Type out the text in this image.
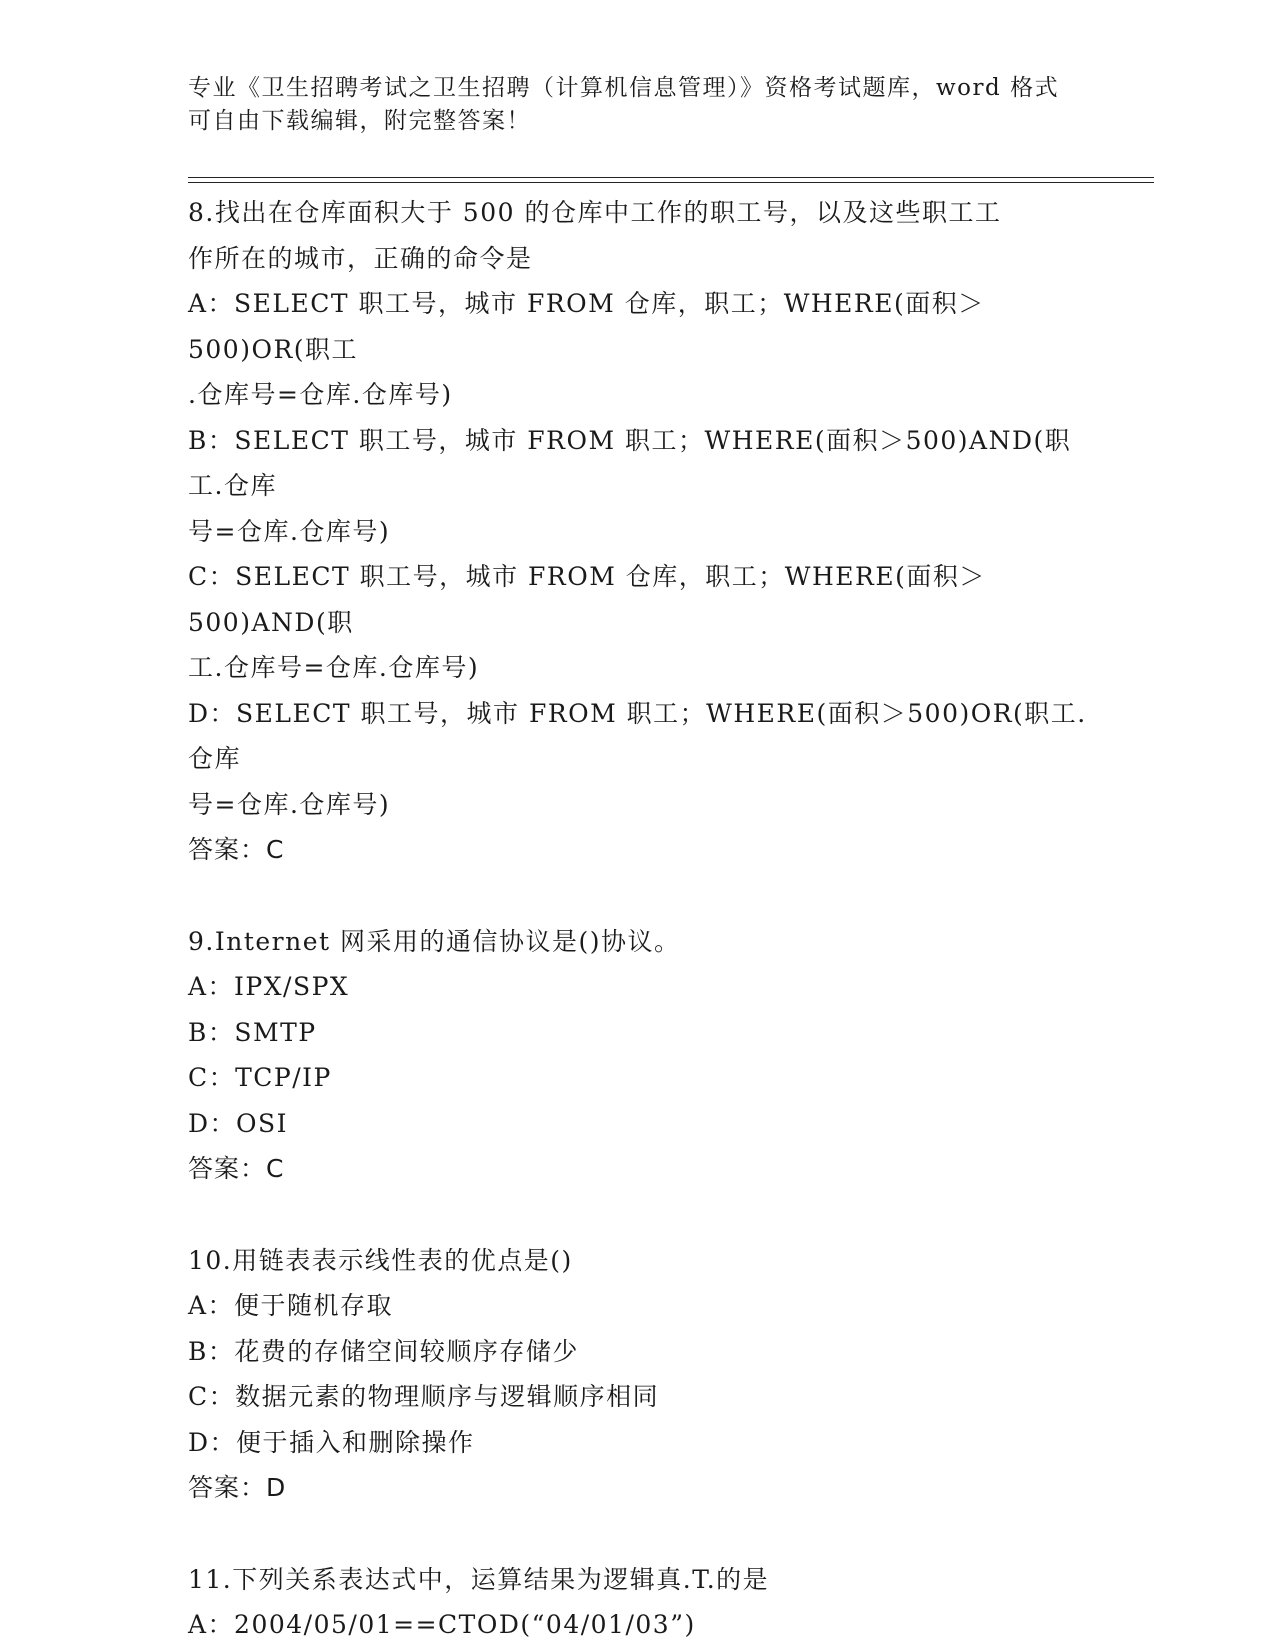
专业《卫生招聘考试之卫生招聘（计算机信息管理）》资格考试题库，word 格式
可自由下载编辑，附完整答案！
8.找出在仓库面积大于 500 的仓库中工作的职工号，以及这些职工工
作所在的城市，正确的命令是
A：SELECT 职工号，城市 FROM 仓库，职工；WHERE(面积＞500)OR(职工
.仓库号=仓库.仓库号)
B：SELECT 职工号，城市 FROM 职工；WHERE(面积＞500)AND(职工.仓库
号=仓库.仓库号)
C：SELECT 职工号，城市 FROM 仓库，职工；WHERE(面积＞500)AND(职
工.仓库号=仓库.仓库号)
D：SELECT 职工号，城市 FROM 职工；WHERE(面积＞500)OR(职工.仓库
号=仓库.仓库号)
答案：C
9.Internet 网采用的通信协议是()协议。
A：IPX/SPX
B：SMTP
C：TCP/IP
D：OSI
答案：C
10.用链表表示线性表的优点是()
A：便于随机存取
B：花费的存储空间较顺序存储少
C：数据元素的物理顺序与逻辑顺序相同
D：便于插入和删除操作
答案：D
11.下列关系表达式中，运算结果为逻辑真.T.的是
A：2004/05/01==CTOD(“04/01/03”)
